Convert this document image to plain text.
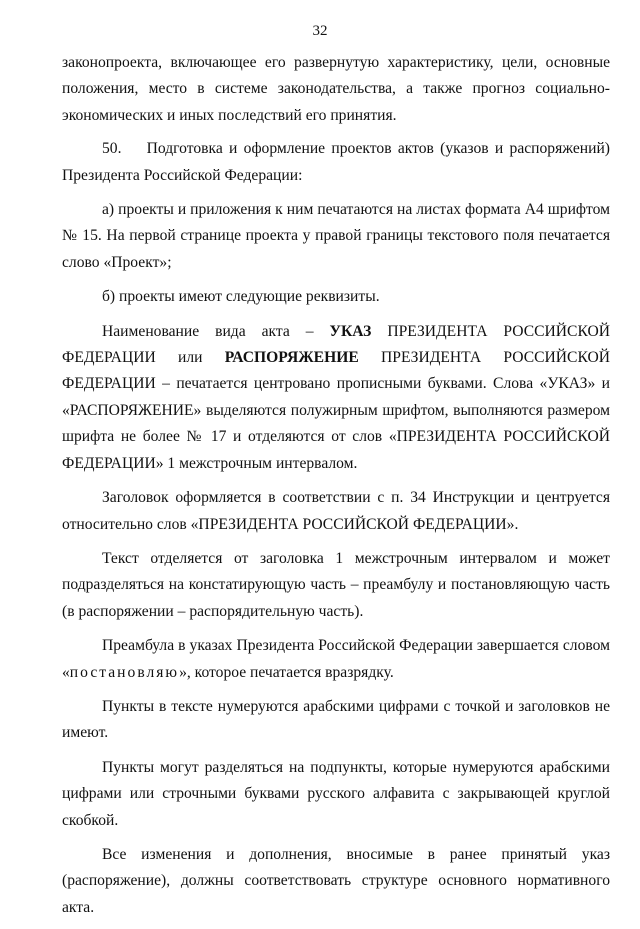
32

законопроекта, включающее его развернутую характеристику, цели, основные положения, место в системе законодательства, а также прогноз социально-экономических и иных последствий его принятия.

50. Подготовка и оформление проектов актов (указов и распоряжений) Президента Российской Федерации:

а) проекты и приложения к ним печатаются на листах формата А4 шрифтом № 15. На первой странице проекта у правой границы текстового поля печатается слово «Проект»;

б) проекты имеют следующие реквизиты.

Наименование вида акта – УКАЗ ПРЕЗИДЕНТА РОССИЙСКОЙ ФЕДЕРАЦИИ или РАСПОРЯЖЕНИЕ ПРЕЗИДЕНТА РОССИЙСКОЙ ФЕДЕРАЦИИ – печатается центровано прописными буквами. Слова «УКАЗ» и «РАСПОРЯЖЕНИЕ» выделяются полужирным шрифтом, выполняются размером шрифта не более № 17 и отделяются от слов «ПРЕЗИДЕНТА РОССИЙСКОЙ ФЕДЕРАЦИИ» 1 межстрочным интервалом.

Заголовок оформляется в соответствии с п. 34 Инструкции и центруется относительно слов «ПРЕЗИДЕНТА РОССИЙСКОЙ ФЕДЕРАЦИИ».

Текст отделяется от заголовка 1 межстрочным интервалом и может подразделяться на констатирующую часть – преамбулу и постановляющую часть (в распоряжении – распорядительную часть).

Преамбула в указах Президента Российской Федерации завершается словом «постановляю», которое печатается вразрядку.

Пункты в тексте нумеруются арабскими цифрами с точкой и заголовков не имеют.

Пункты могут разделяться на подпункты, которые нумеруются арабскими цифрами или строчными буквами русского алфавита с закрывающей круглой скобкой.

Все изменения и дополнения, вносимые в ранее принятый указ (распоряжение), должны соответствовать структуре основного нормативного акта.
